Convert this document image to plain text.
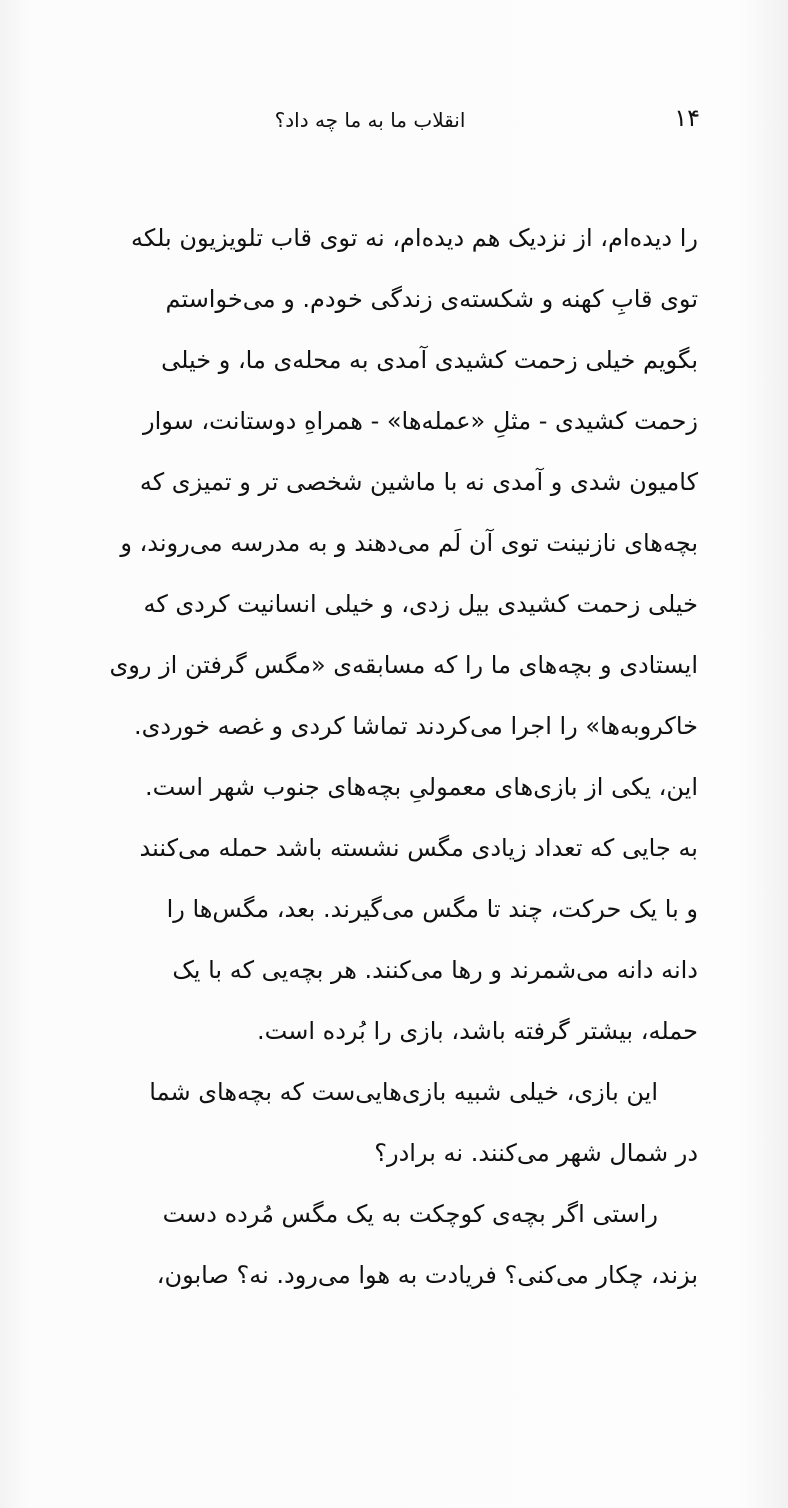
۱۴
انقلاب ما به ما چه داد؟
را دیده‌ام، از نزدیک هم دیده‌ام، نه توی قاب تلویزیون بلکه
توی قابِ کهنه و شکسته‌ی زندگی خودم. و می‌خواستم
بگویم خیلی زحمت کشیدی آمدی به محله‌ی ما، و خیلی
زحمت کشیدی - مثلِ «عمله‌ها» - همراهِ دوستانت، سوار
کامیون شدی و آمدی نه با ماشین شخصی تر و تمیزی که
بچه‌های نازنینت توی آن لَم می‌دهند و به مدرسه می‌روند، و
خیلی زحمت کشیدی بیل زدی، و خیلی انسانیت کردی که
ایستادی و بچه‌های ما را که مسابقه‌ی «مگس گرفتن از روی
خاکروبه‌ها» را اجرا می‌کردند تماشا کردی و غصه خوردی.
این، یکی از بازی‌های معمولیِ بچه‌های جنوب شهر است.
به جایی که تعداد زیادی مگس نشسته باشد حمله می‌کنند
و با یک حرکت، چند تا مگس می‌گیرند. بعد، مگس‌ها را
دانه دانه می‌شمرند و رها می‌کنند. هر بچه‌یی که با یک
حمله، بیشتر گرفته باشد، بازی را بُرده است.
این بازی، خیلی شبیه بازی‌هایی‌ست که بچه‌های شما
در شمال شهر می‌کنند. نه برادر؟
راستی اگر بچه‌ی کوچکت به یک مگس مُرده دست
بزند، چکار می‌کنی؟ فریادت به هوا می‌رود. نه؟ صابون،
